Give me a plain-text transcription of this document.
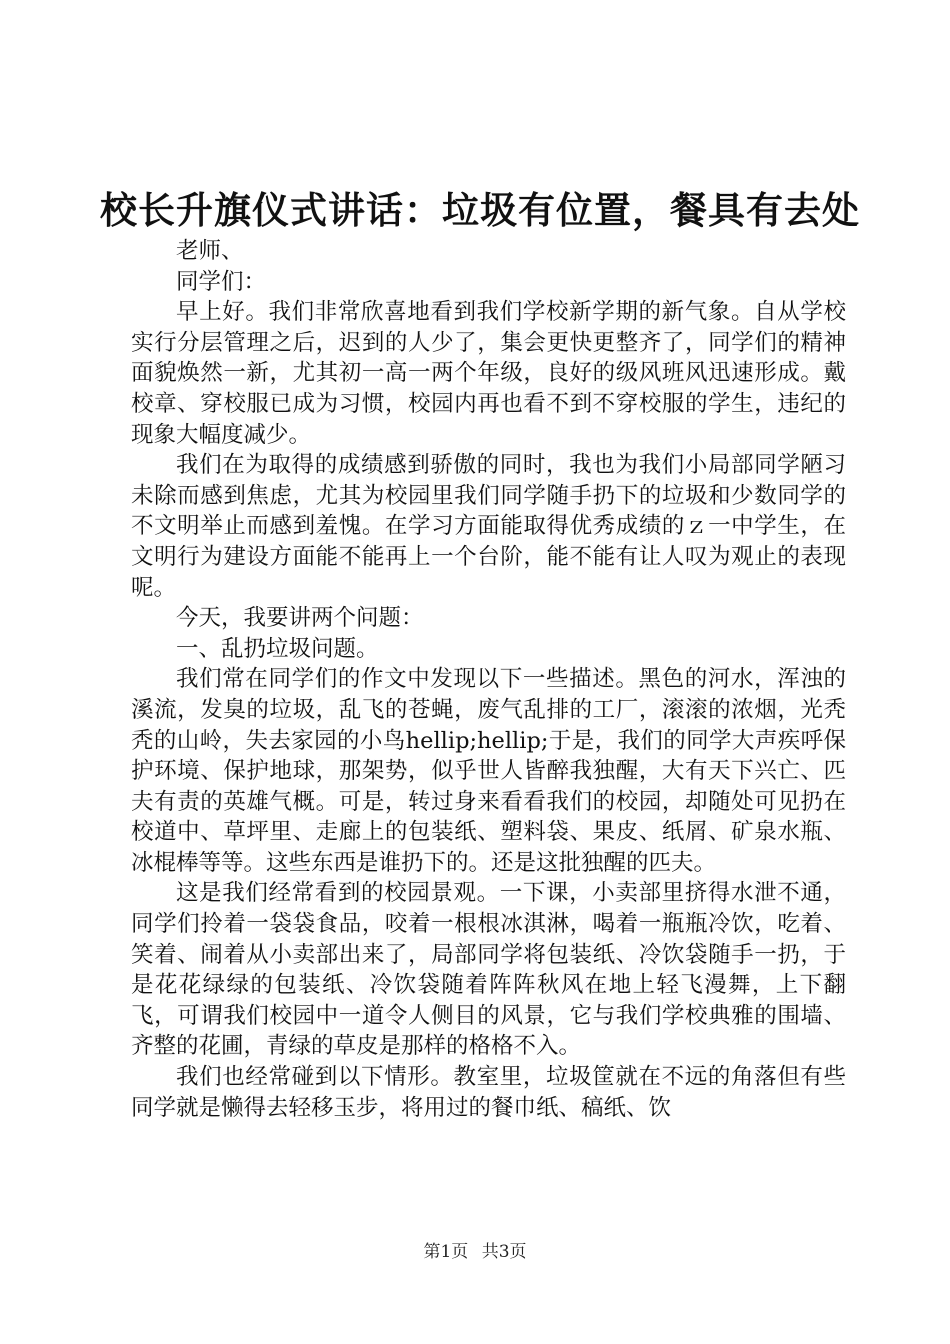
校长升旗仪式讲话：垃圾有位置，餐具有去处

老师、

同学们：

早上好。我们非常欣喜地看到我们学校新学期的新气象。自从学校实行分层管理之后，迟到的人少了，集会更快更整齐了，同学们的精神面貌焕然一新，尤其初一高一两个年级，良好的级风班风迅速形成。戴校章、穿校服已成为习惯，校园内再也看不到不穿校服的学生，违纪的现象大幅度减少。

我们在为取得的成绩感到骄傲的同时，我也为我们小局部同学陋习未除而感到焦虑，尤其为校园里我们同学随手扔下的垃圾和少数同学的不文明举止而感到羞愧。在学习方面能取得优秀成绩的ｚ一中学生，在文明行为建设方面能不能再上一个台阶，能不能有让人叹为观止的表现呢。

今天，我要讲两个问题：

一、乱扔垃圾问题。

我们常在同学们的作文中发现以下一些描述。黑色的河水，浑浊的溪流，发臭的垃圾，乱飞的苍蝇，废气乱排的工厂，滚滚的浓烟，光秃秃的山岭，失去家园的小鸟hellip;hellip;于是，我们的同学大声疾呼保护环境、保护地球，那架势，似乎世人皆醉我独醒，大有天下兴亡、匹夫有责的英雄气概。可是，转过身来看看我们的校园，却随处可见扔在校道中、草坪里、走廊上的包装纸、塑料袋、果皮、纸屑、矿泉水瓶、冰棍棒等等。这些东西是谁扔下的。还是这批独醒的匹夫。

这是我们经常看到的校园景观。一下课，小卖部里挤得水泄不通，同学们拎着一袋袋食品，咬着一根根冰淇淋，喝着一瓶瓶冷饮，吃着、笑着、闹着从小卖部出来了，局部同学将包装纸、冷饮袋随手一扔，于是花花绿绿的包装纸、冷饮袋随着阵阵秋风在地上轻飞漫舞，上下翻飞，可谓我们校园中一道令人侧目的风景，它与我们学校典雅的围墙、齐整的花圃，青绿的草皮是那样的格格不入。

我们也经常碰到以下情形。教室里，垃圾筐就在不远的角落但有些同学就是懒得去轻移玉步，将用过的餐巾纸、稿纸、饮

第1页 共3页
